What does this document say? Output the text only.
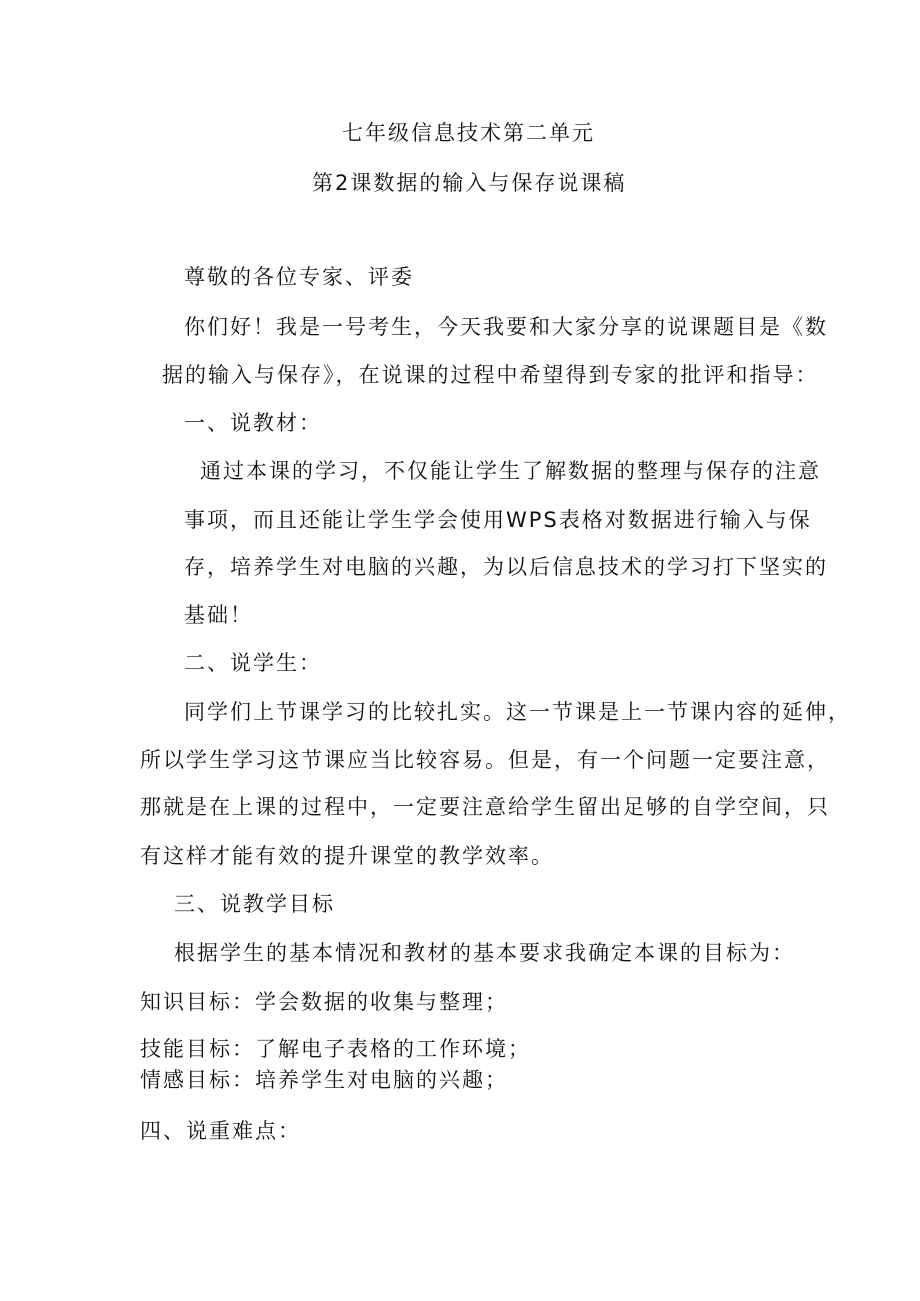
七年级信息技术第二单元
第2课数据的输入与保存说课稿
尊敬的各位专家、评委
你们好！我是一号考生，今天我要和大家分享的说课题目是《数
据的输入与保存》，在说课的过程中希望得到专家的批评和指导：
一、说教材：
通过本课的学习，不仅能让学生了解数据的整理与保存的注意
事项，而且还能让学生学会使用WPS表格对数据进行输入与保
存，培养学生对电脑的兴趣，为以后信息技术的学习打下坚实的
基础！
二、说学生：
同学们上节课学习的比较扎实。这一节课是上一节课内容的延伸，
所以学生学习这节课应当比较容易。但是，有一个问题一定要注意，
那就是在上课的过程中，一定要注意给学生留出足够的自学空间，只
有这样才能有效的提升课堂的教学效率。
三、说教学目标
根据学生的基本情况和教材的基本要求我确定本课的目标为：
知识目标：学会数据的收集与整理；
技能目标：了解电子表格的工作环境；
情感目标：培养学生对电脑的兴趣；
四、说重难点：
